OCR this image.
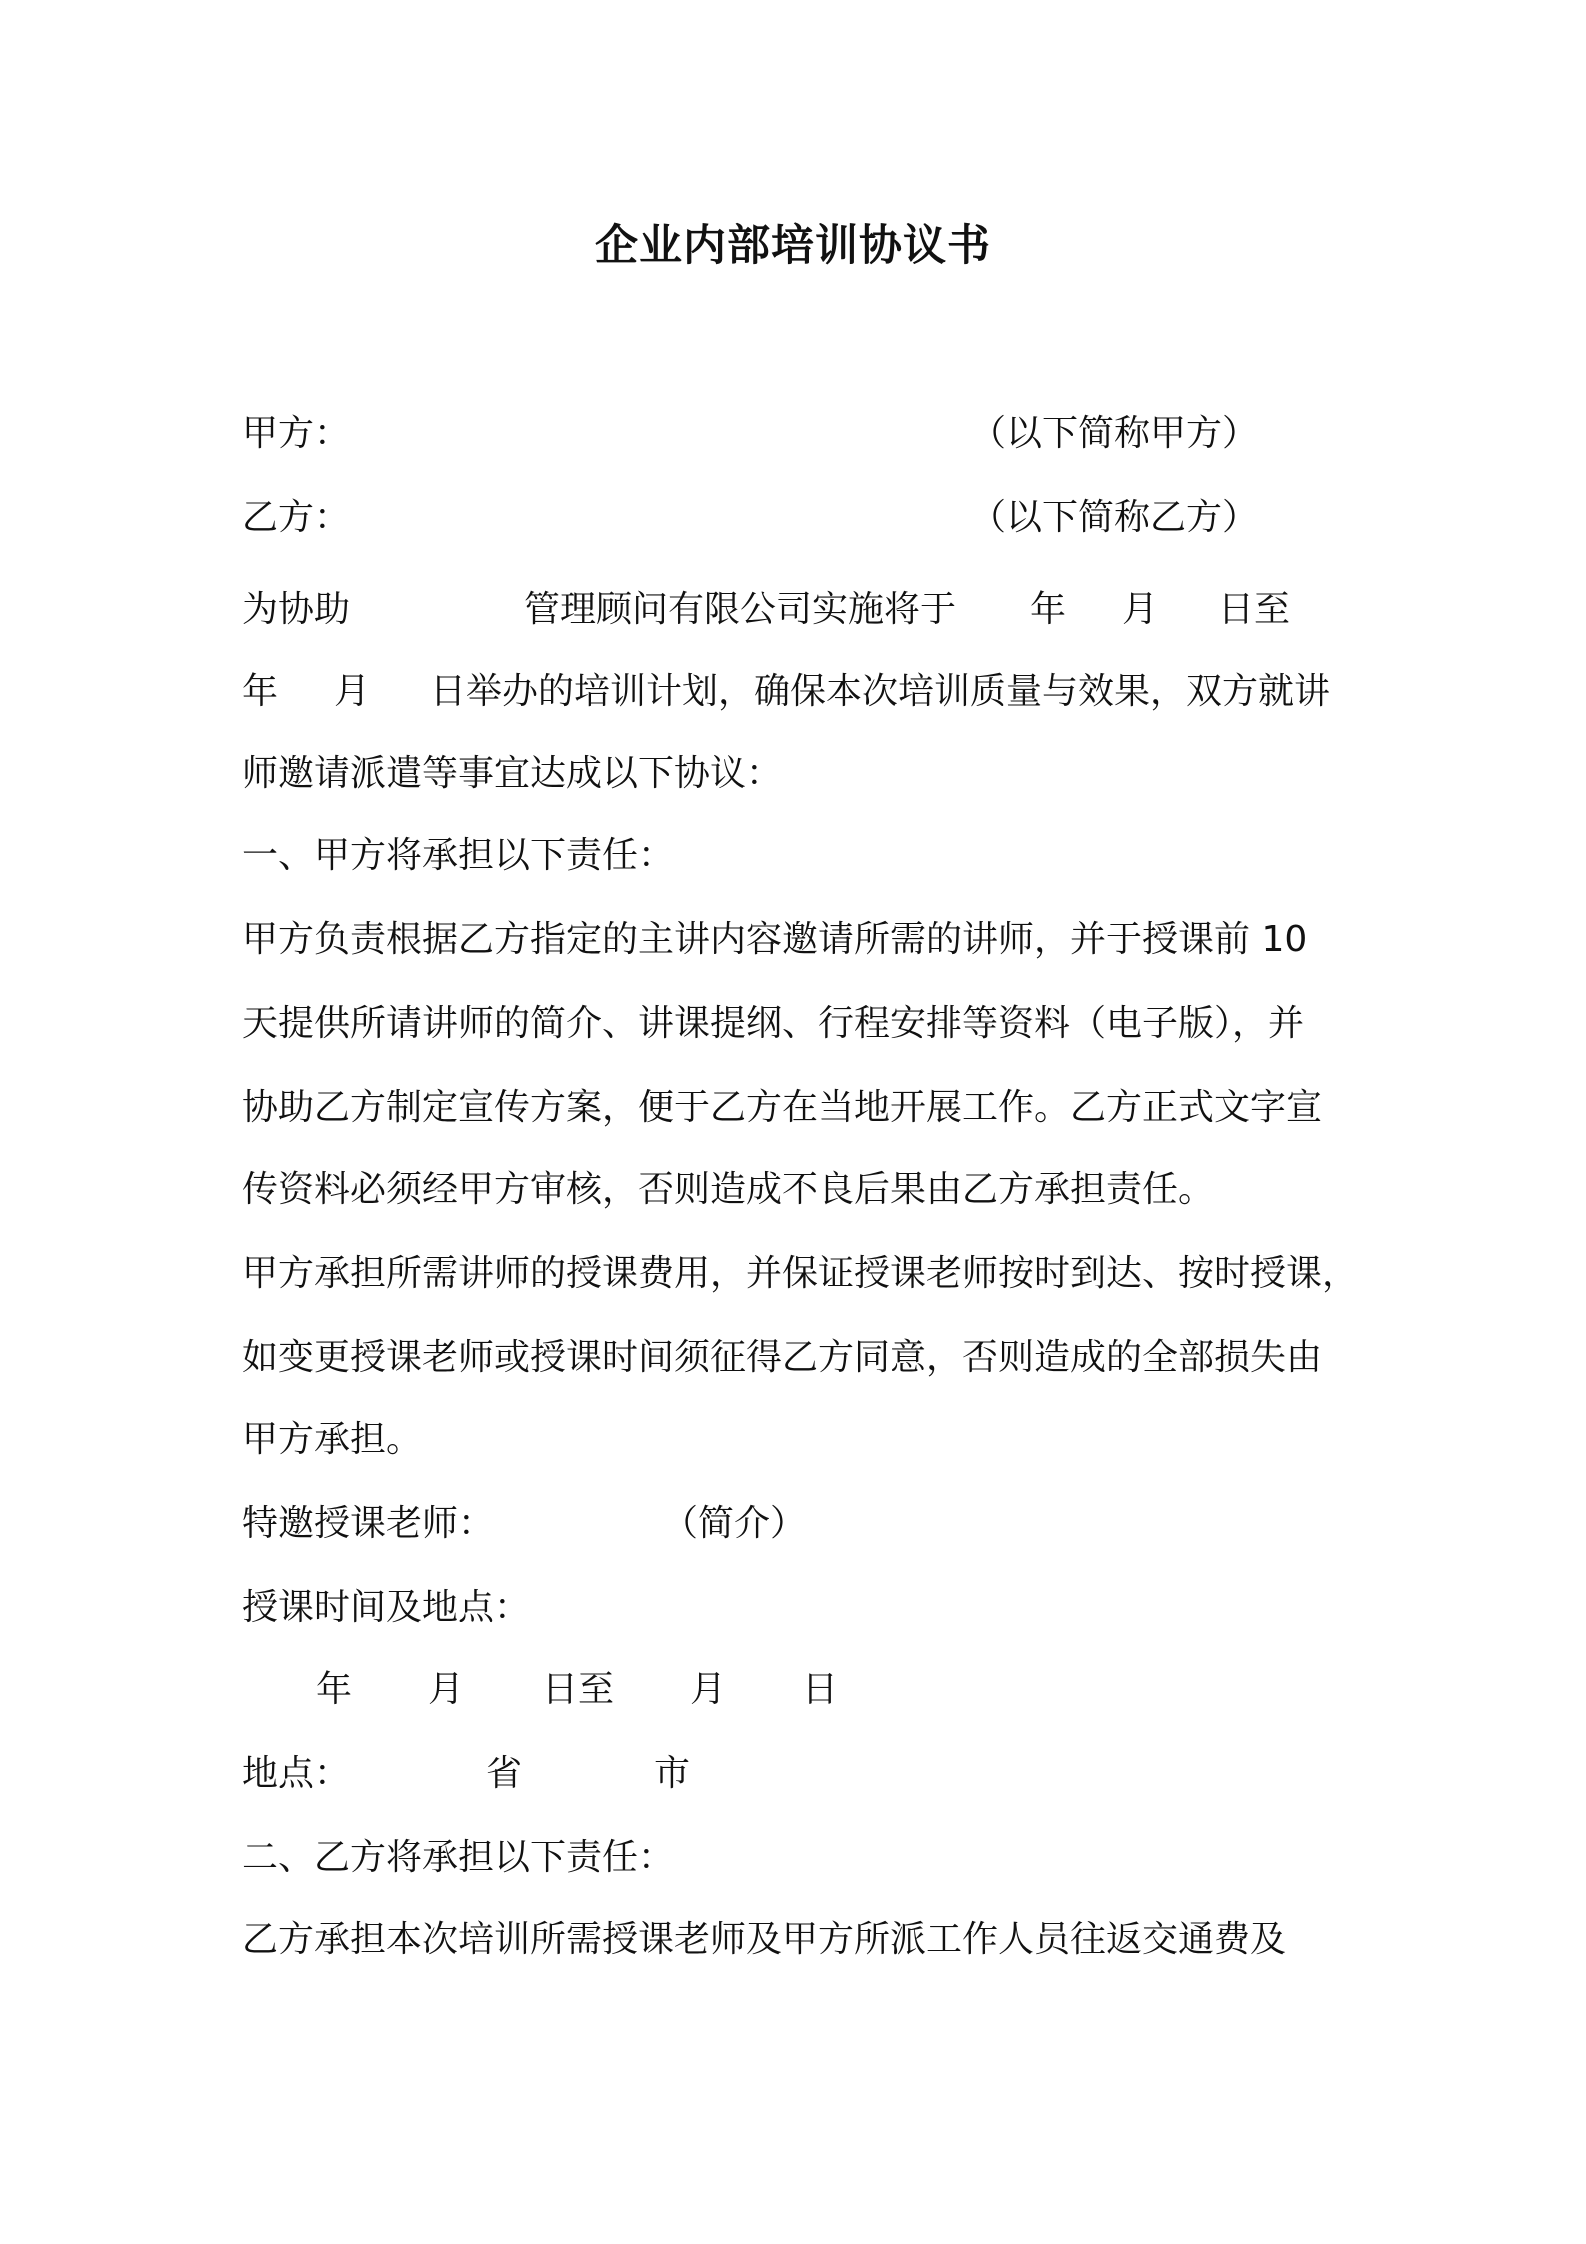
企业内部培训协议书
甲方：	（以下简称甲方）
乙方：	（以下简称乙方）
为协助	管理顾问有限公司实施将于 年 月 日至
年 月 日举办的培训计划，确保本次培训质量与效果，双方就讲
师邀请派遣等事宜达成以下协议：
一、甲方将承担以下责任：
甲方负责根据乙方指定的主讲内容邀请所需的讲师，并于授课前 10
天提供所请讲师的简介、讲课提纲、行程安排等资料（电子版），并
协助乙方制定宣传方案，便于乙方在当地开展工作。乙方正式文字宣
传资料必须经甲方审核，否则造成不良后果由乙方承担责任。
甲方承担所需讲师的授课费用，并保证授课老师按时到达、按时授课，
如变更授课老师或授课时间须征得乙方同意，否则造成的全部损失由
甲方承担。
特邀授课老师：	（简介）
授课时间及地点：
年 月 日至 月 日
地点：	省	市
二、乙方将承担以下责任：
乙方承担本次培训所需授课老师及甲方所派工作人员往返交通费及
